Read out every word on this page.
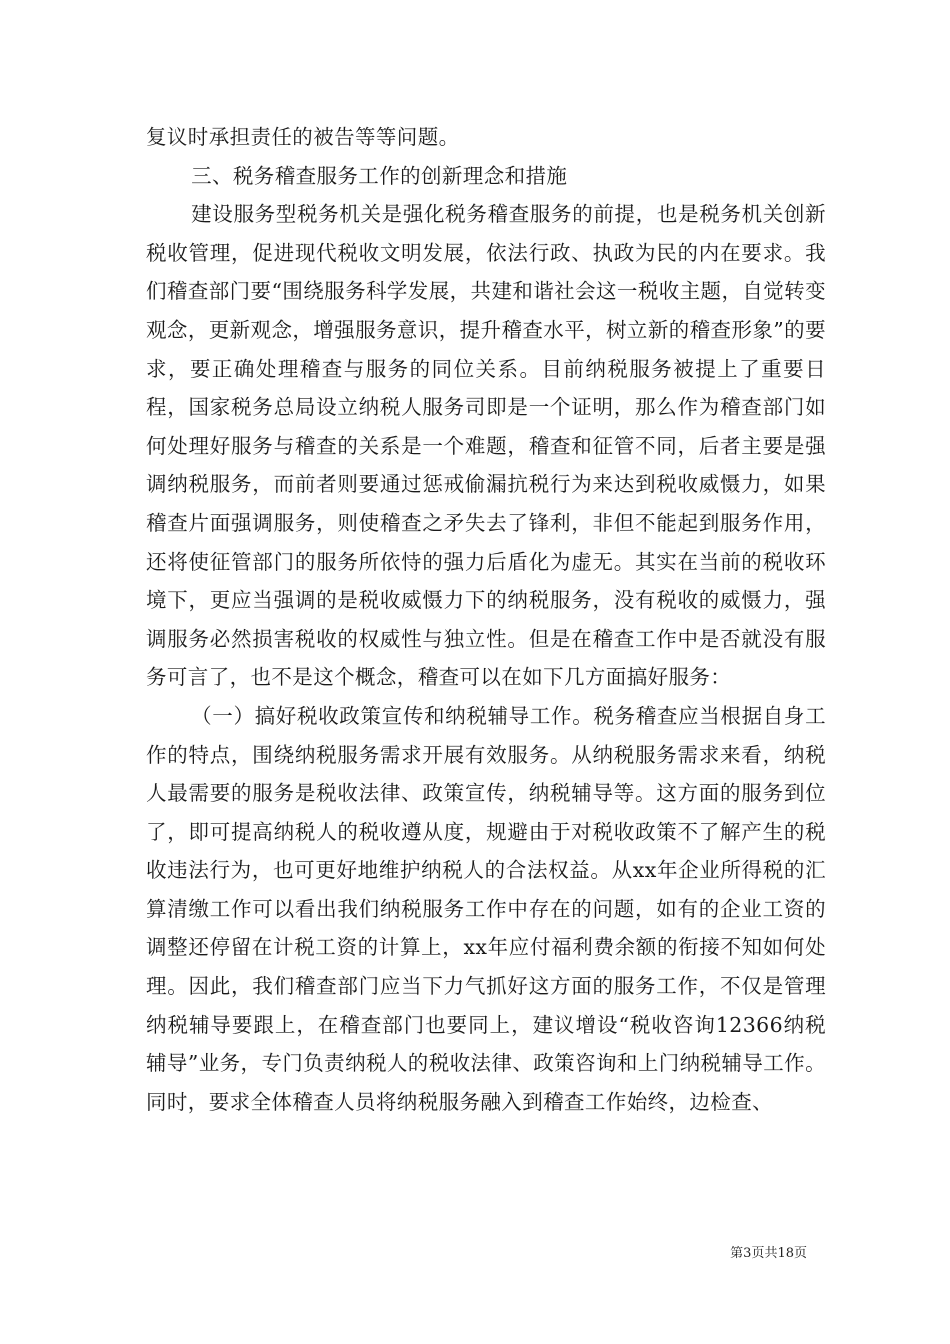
复议时承担责任的被告等等问题。

三、税务稽查服务工作的创新理念和措施

建设服务型税务机关是强化税务稽查服务的前提，也是税务机关创新税收管理，促进现代税收文明发展，依法行政、执政为民的内在要求。我们稽查部门要“围绕服务科学发展，共建和谐社会这一税收主题，自觉转变观念，更新观念，增强服务意识，提升稽查水平，树立新的稽查形象”的要求，要正确处理稽查与服务的同位关系。目前纳税服务被提上了重要日程，国家税务总局设立纳税人服务司即是一个证明，那么作为稽查部门如何处理好服务与稽查的关系是一个难题，稽查和征管不同，后者主要是强调纳税服务，而前者则要通过惩戒偷漏抗税行为来达到税收威慑力，如果稽查片面强调服务，则使稽查之矛失去了锋利，非但不能起到服务作用，还将使征管部门的服务所依恃的强力后盾化为虚无。其实在当前的税收环境下，更应当强调的是税收威慑力下的纳税服务，没有税收的威慑力，强调服务必然损害税收的权威性与独立性。但是在稽查工作中是否就没有服务可言了，也不是这个概念，稽查可以在如下几方面搞好服务：

（一）搞好税收政策宣传和纳税辅导工作。税务稽查应当根据自身工作的特点，围绕纳税服务需求开展有效服务。从纳税服务需求来看，纳税人最需要的服务是税收法律、政策宣传，纳税辅导等。这方面的服务到位了，即可提高纳税人的税收遵从度，规避由于对税收政策不了解产生的税收违法行为，也可更好地维护纳税人的合法权益。从xx年企业所得税的汇算清缴工作可以看出我们纳税服务工作中存在的问题，如有的企业工资的调整还停留在计税工资的计算上，xx年应付福利费余额的衔接不知如何处理。因此，我们稽查部门应当下力气抓好这方面的服务工作，不仅是管理纳税辅导要跟上，在稽查部门也要同上，建议增设“税收咨询12366纳税辅导”业务，专门负责纳税人的税收法律、政策咨询和上门纳税辅导工作。同时，要求全体稽查人员将纳税服务融入到稽查工作始终，边检查、

第3页共18页
